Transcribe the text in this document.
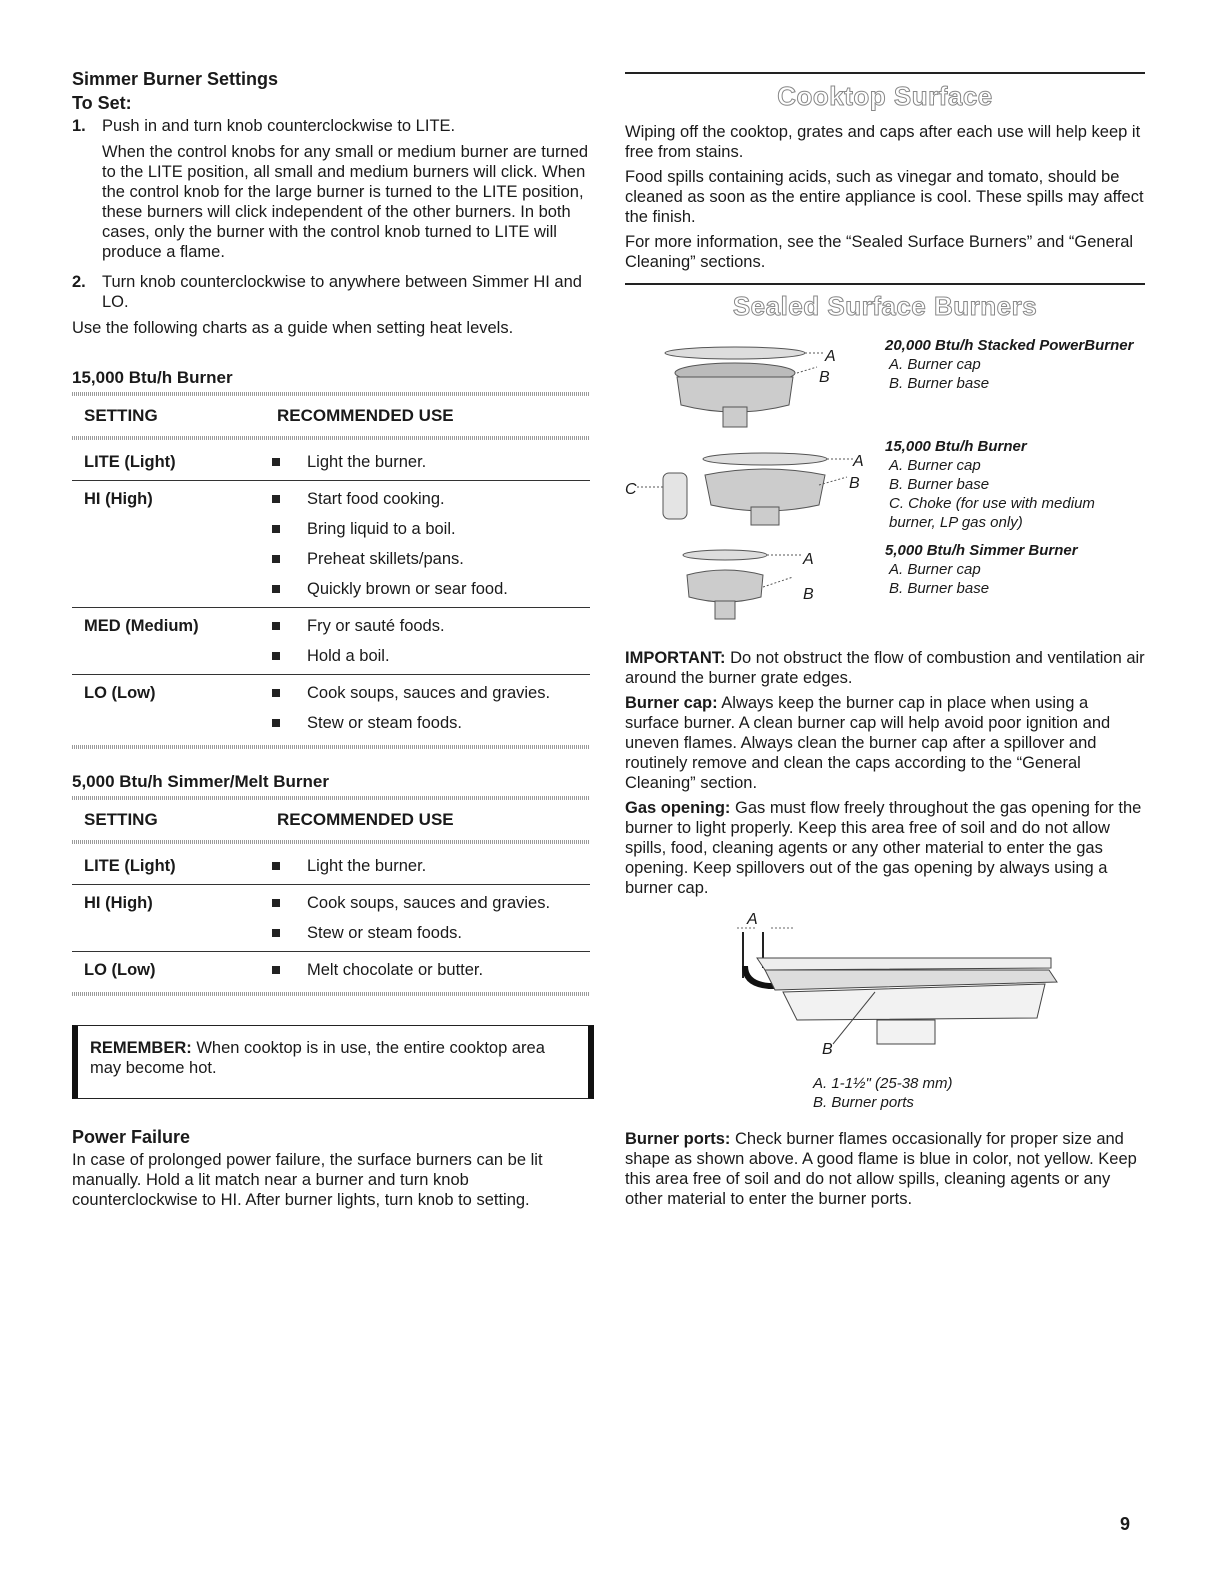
Simmer Burner Settings

To Set:

1. Push in and turn knob counterclockwise to LITE.

When the control knobs for any small or medium burner are turned to the LITE position, all small and medium burners will click. When the control knob for the large burner is turned to the LITE position, these burners will click independent of the other burners. In both cases, only the burner with the control knob turned to LITE will produce a flame.

2. Turn knob counterclockwise to anywhere between Simmer HI and LO.

Use the following charts as a guide when setting heat levels.

15,000 Btu/h Burner

SETTING	RECOMMENDED USE
LITE (Light)	Light the burner.
HI (High)	Start food cooking.
Bring liquid to a boil.
Preheat skillets/pans.
Quickly brown or sear food.
MED (Medium)	Fry or sauté foods.
Hold a boil.
LO (Low)	Cook soups, sauces and gravies.
Stew or steam foods.

5,000 Btu/h Simmer/Melt Burner

SETTING	RECOMMENDED USE
LITE (Light)	Light the burner.
HI (High)	Cook soups, sauces and gravies.
Stew or steam foods.
LO (Low)	Melt chocolate or butter.

REMEMBER: When cooktop is in use, the entire cooktop area may become hot.

Power Failure

In case of prolonged power failure, the surface burners can be lit manually. Hold a lit match near a burner and turn knob counterclockwise to HI. After burner lights, turn knob to setting.

Cooktop Surface

Wiping off the cooktop, grates and caps after each use will help keep it free from stains.

Food spills containing acids, such as vinegar and tomato, should be cleaned as soon as the entire appliance is cool. These spills may affect the finish.

For more information, see the “Sealed Surface Burners” and “General Cleaning” sections.

Sealed Surface Burners
A
B
A
B
C
A
B
20,000 Btu/h Stacked PowerBurner
A. Burner cap
B. Burner base
15,000 Btu/h Burner
A. Burner cap
B. Burner base
C. Choke (for use with medium burner, LP gas only)
5,000 Btu/h Simmer Burner
A. Burner cap
B. Burner base

IMPORTANT: Do not obstruct the flow of combustion and ventilation air around the burner grate edges.

Burner cap: Always keep the burner cap in place when using a surface burner. A clean burner cap will help avoid poor ignition and uneven flames. Always clean the burner cap after a spillover and routinely remove and clean the caps according to the “General Cleaning” section.

Gas opening: Gas must flow freely throughout the gas opening for the burner to light properly. Keep this area free of soil and do not allow spills, food, cleaning agents or any other material to enter the gas opening. Keep spillovers out of the gas opening by always using a burner cap.

A
B
A. 1-1½" (25-38 mm)
B. Burner ports

Burner ports: Check burner flames occasionally for proper size and shape as shown above. A good flame is blue in color, not yellow. Keep this area free of soil and do not allow spills, cleaning agents or any other material to enter the burner ports.

9
